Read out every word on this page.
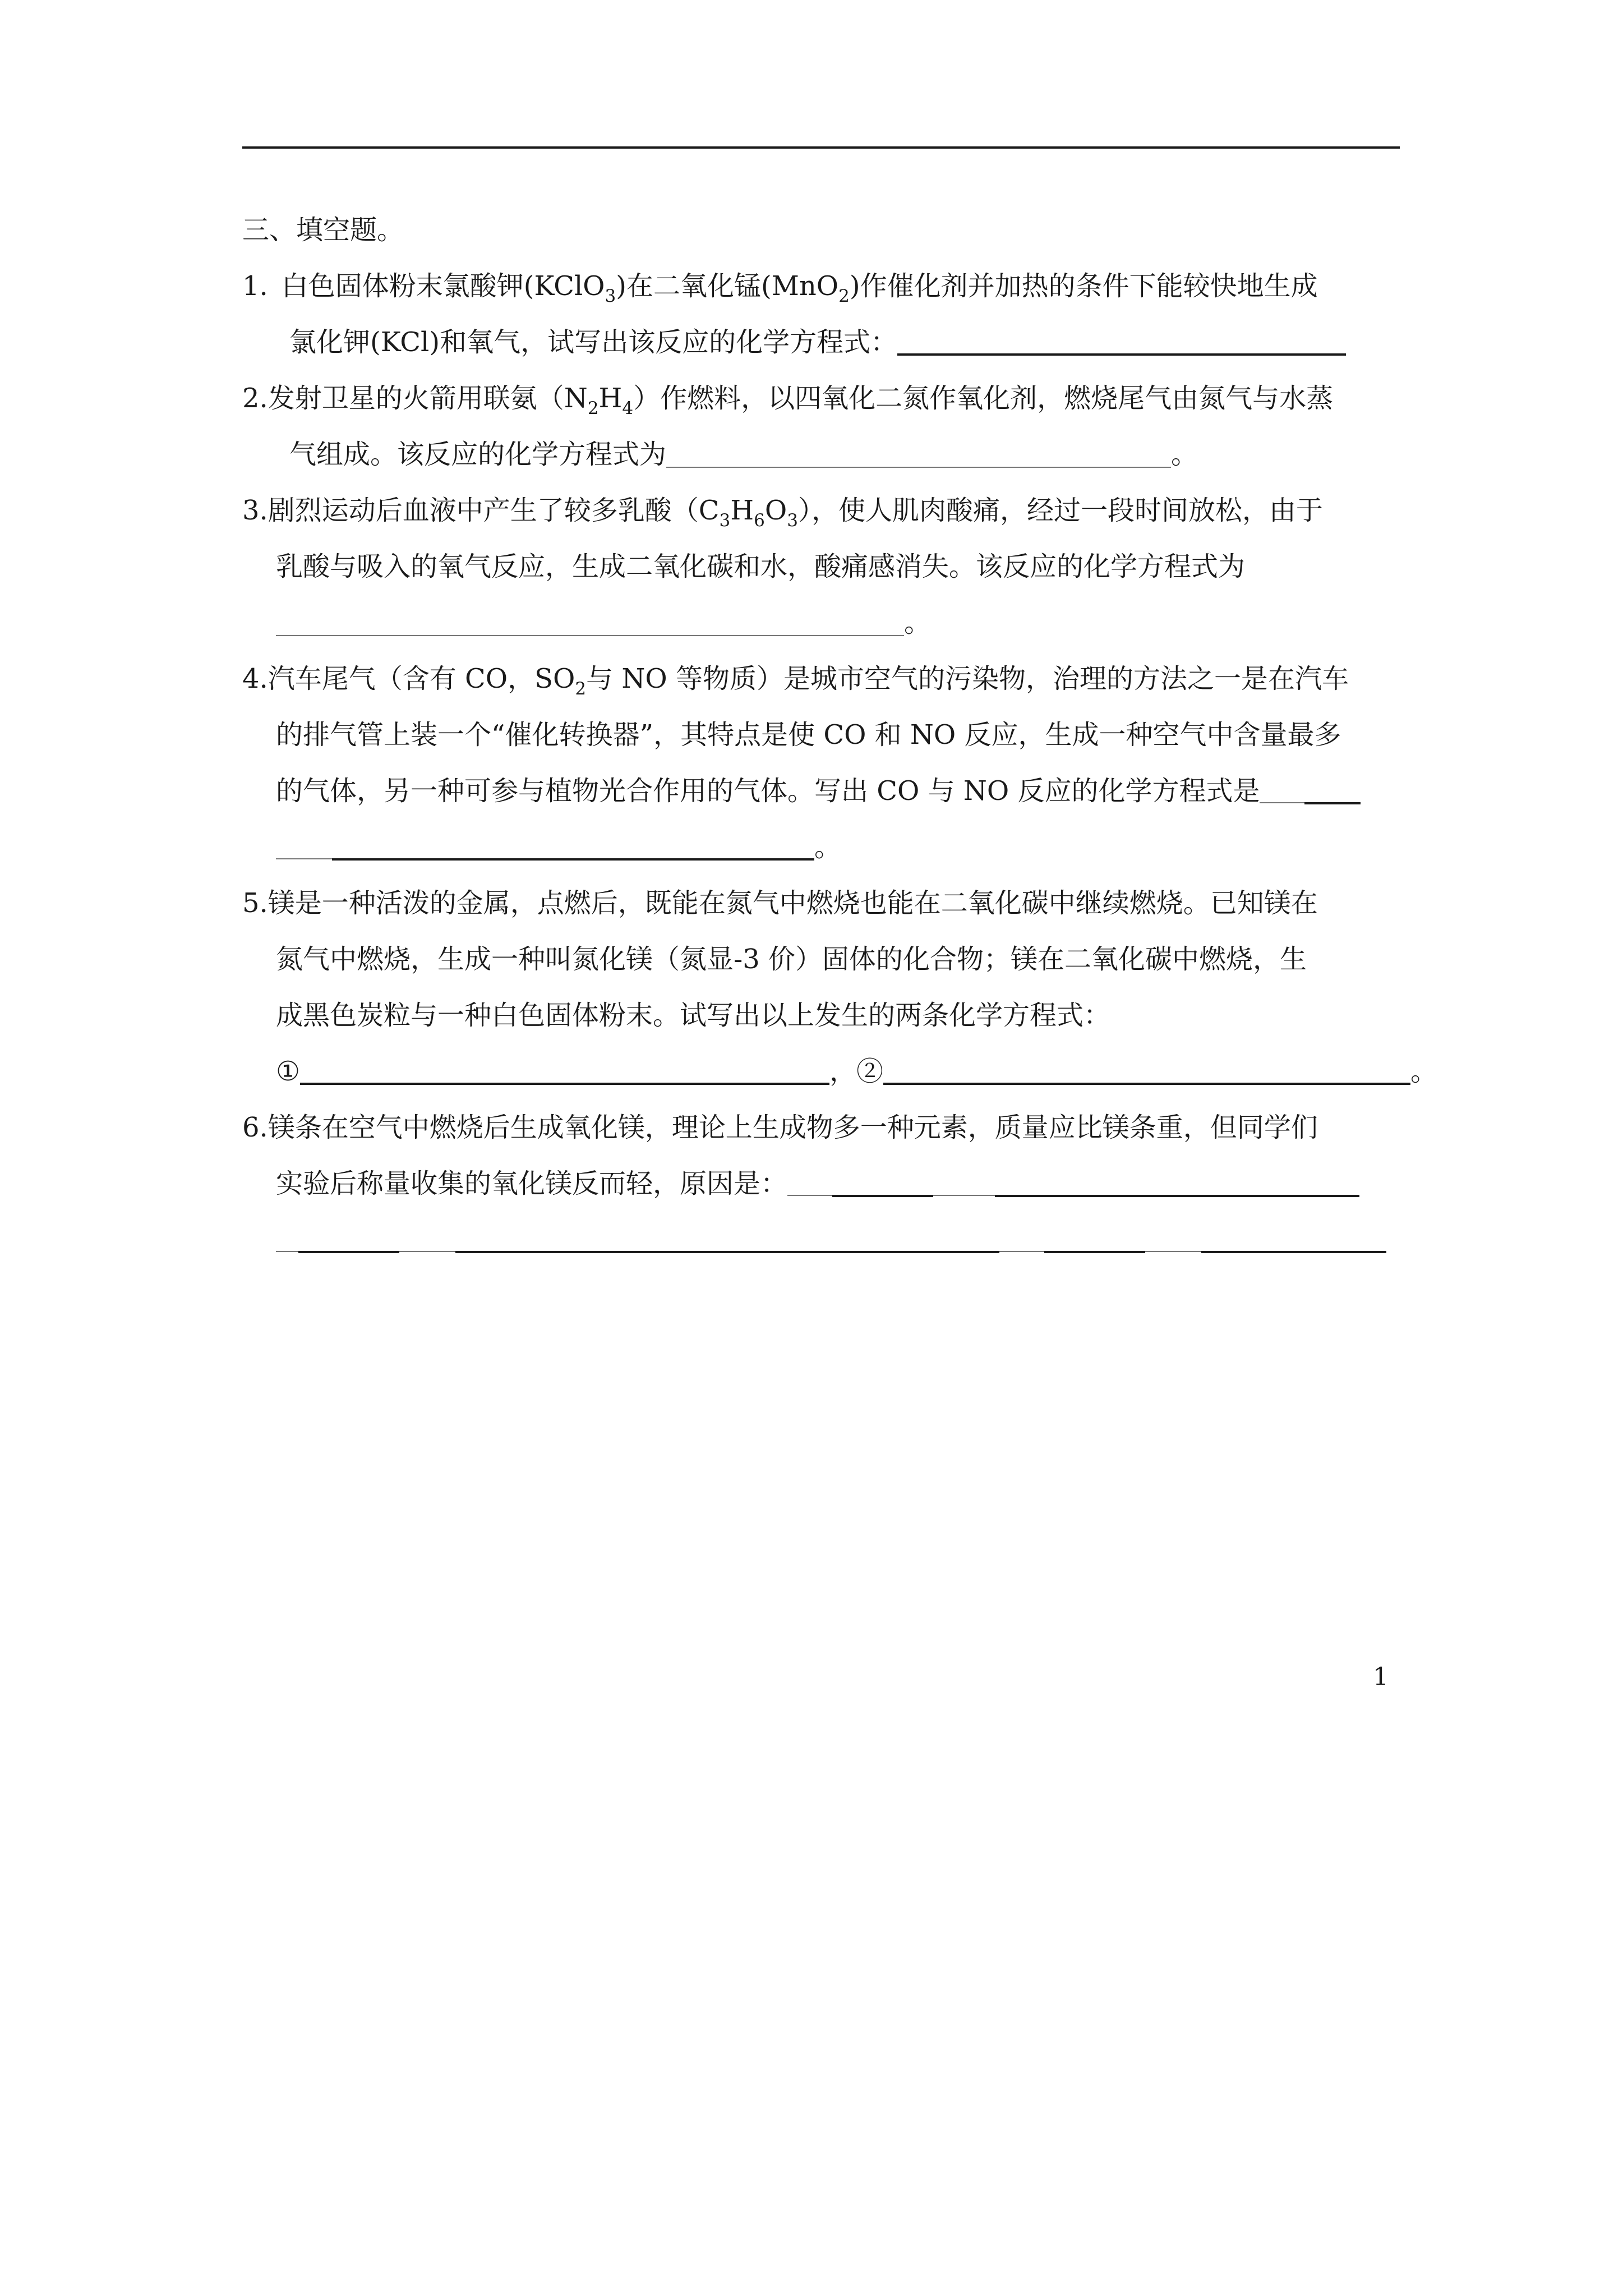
三、填空题。
1. 白色固体粉末氯酸钾(KClO$_3$)在二氧化锰(MnO$_2$)作催化剂并加热的条件下能较快地生成
氯化钾(KCl)和氧气，试写出该反应的化学方程式：
2.发射卫星的火箭用联氨$(N_2H_4)$作燃料，以四氧化二氮作氧化剂，燃烧尾气由氮气与水蒸
气组成。该反应的化学方程式为	。
3.剧烈运动后血液中产生了较多乳酸$(C_3H_6O_3)$，使人肌肉酸痛，经过一段时间放松，由于
乳酸与吸入的氧气反应，生成二氧化碳和水，酸痛感消失。该反应的化学方程式为
。
4.汽车尾气（含有 CO，$SO_2$与 NO 等物质）是城市空气的污染物，治理的方法之一是在汽车
的排气管上装一个“催化转换器”，其特点是使 CO 和 NO 反应，生成一种空气中含量最多
的气体，另一种可参与植物光合作用的气体。写出 CO 与 NO 反应的化学方程式是
。
5.镁是一种活泼的金属，点燃后，既能在氮气中燃烧也能在二氧化碳中继续燃烧。已知镁在
氮气中燃烧，生成一种叫氮化镁（氮显-3 价）固体的化合物；镁在二氧化碳中燃烧，生
成黑色炭粒与一种白色固体粉末。试写出以上发生的两条化学方程式：
①	，②	。
6.镁条在空气中燃烧后生成氧化镁，理论上生成物多一种元素，质量应比镁条重，但同学们
实验后称量收集的氧化镁反而轻，原因是：
1
